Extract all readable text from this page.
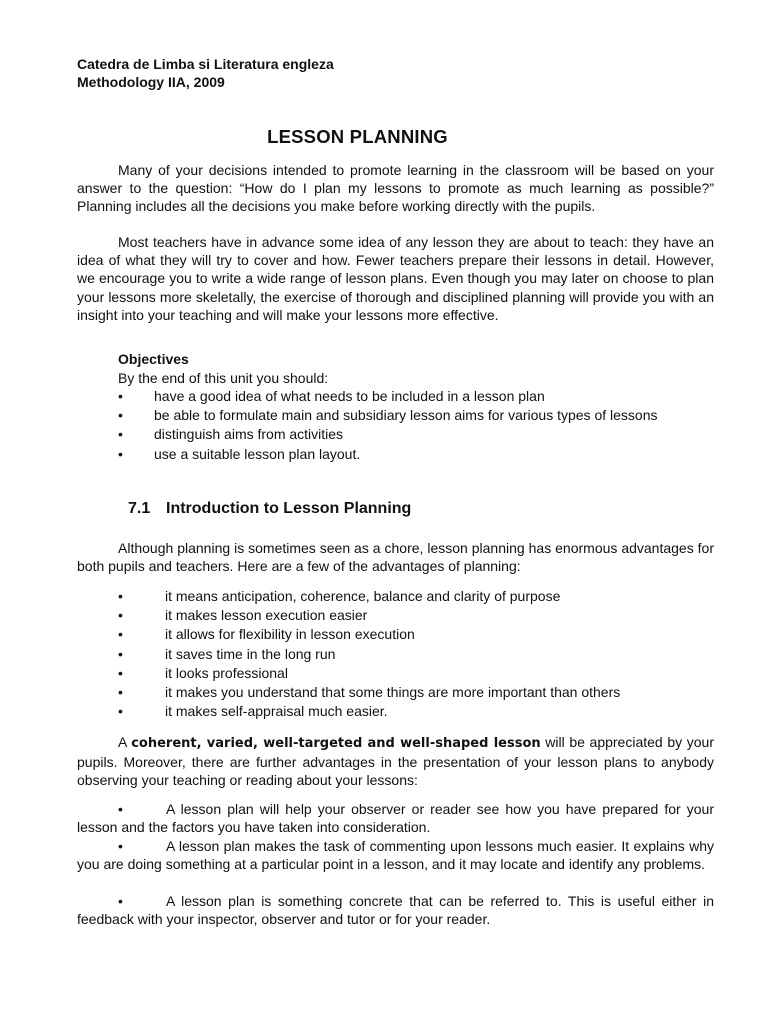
Catedra de Limba si Literatura engleza
Methodology IIA, 2009
LESSON PLANNING

Many of your decisions intended to promote learning in the classroom will be based on your answer to the question: “How do I plan my lessons to promote as much learning as possible?” Planning includes all the decisions you make before working directly with the pupils.

Most teachers have in advance some idea of any lesson they are about to teach: they have an idea of what they will try to cover and how. Fewer teachers prepare their lessons in detail. However, we encourage you to write a wide range of lesson plans. Even though you may later on choose to plan your lessons more skeletally, the exercise of thorough and disciplined planning will provide you with an insight into your teaching and will make your lessons more effective.

Objectives
By the end of this unit you should:
• have a good idea of what needs to be included in a lesson plan
• be able to formulate main and subsidiary lesson aims for various types of lessons
• distinguish aims from activities
• use a suitable lesson plan layout.
7.1 Introduction to Lesson Planning

Although planning is sometimes seen as a chore, lesson planning has enormous advantages for both pupils and teachers. Here are a few of the advantages of planning:

•	it means anticipation, coherence, balance and clarity of purpose
•	it makes lesson execution easier
•	it allows for flexibility in lesson execution
•	it saves time in the long run
•	it looks professional
•	it makes you understand that some things are more important than others
•	it makes self-appraisal much easier.

A coherent, varied, well-targeted and well-shaped lesson will be appreciated by your pupils. Moreover, there are further advantages in the presentation of your lesson plans to anybody observing your teaching or reading about your lessons:

•	A lesson plan will help your observer or reader see how you have prepared for your lesson and the factors you have taken into consideration.

•	A lesson plan makes the task of commenting upon lessons much easier. It explains why you are doing something at a particular point in a lesson, and it may locate and identify any problems.

•	A lesson plan is something concrete that can be referred to. This is useful either in feedback with your inspector, observer and tutor or for your reader.
